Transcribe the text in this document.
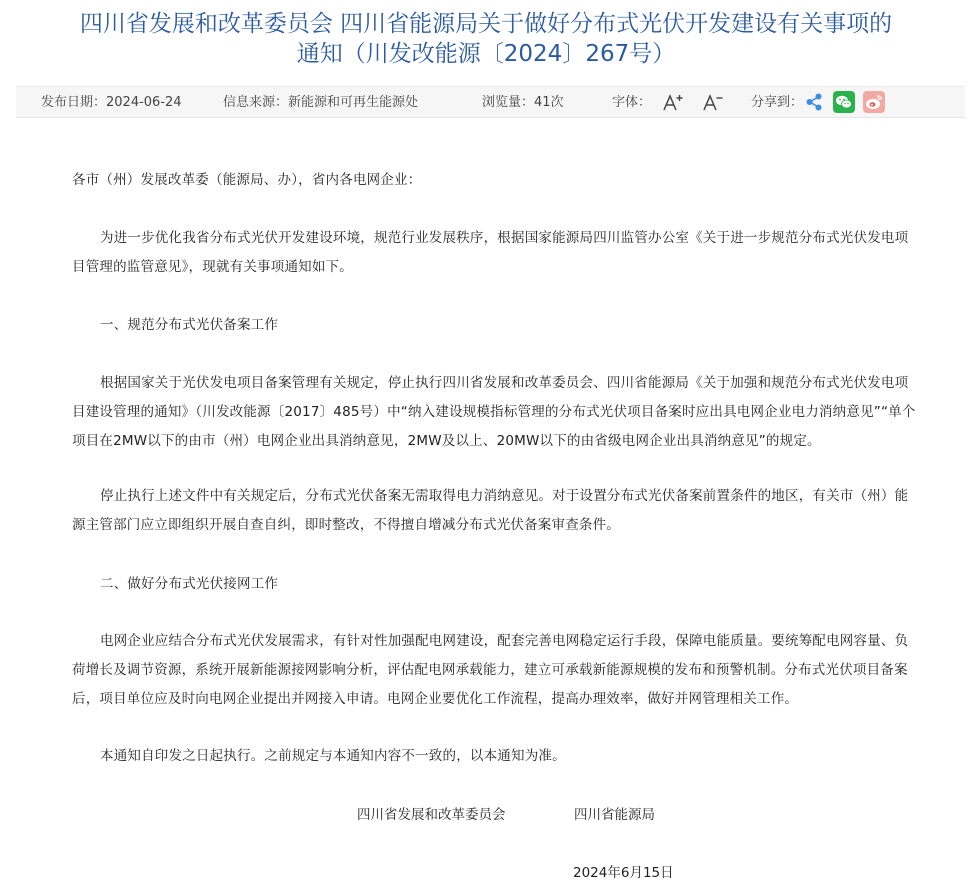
四川省发展和改革委员会 四川省能源局关于做好分布式光伏开发建设有关事项的
通知（川发改能源〔2024〕267号）
发布日期：2024-06-24	信息来源：新能源和可再生能源处	浏览量：41次	字体：	分享到：

各市（州）发展改革委（能源局、办），省内各电网企业：

为进一步优化我省分布式光伏开发建设环境，规范行业发展秩序，根据国家能源局四川监管办公室《关于进一步规范分布式光伏发电项目管理的监管意见》，现就有关事项通知如下。

一、规范分布式光伏备案工作

根据国家关于光伏发电项目备案管理有关规定，停止执行四川省发展和改革委员会、四川省能源局《关于加强和规范分布式光伏发电项目建设管理的通知》（川发改能源〔2017〕485号）中“纳入建设规模指标管理的分布式光伏项目备案时应出具电网企业电力消纳意见”“单个项目在2MW以下的由市（州）电网企业出具消纳意见，2MW及以上、20MW以下的由省级电网企业出具消纳意见”的规定。

停止执行上述文件中有关规定后，分布式光伏备案无需取得电力消纳意见。对于设置分布式光伏备案前置条件的地区，有关市（州）能源主管部门应立即组织开展自查自纠，即时整改，不得擅自增减分布式光伏备案审查条件。

二、做好分布式光伏接网工作

电网企业应结合分布式光伏发展需求，有针对性加强配电网建设，配套完善电网稳定运行手段，保障电能质量。要统筹配电网容量、负荷增长及调节资源，系统开展新能源接网影响分析，评估配电网承载能力，建立可承载新能源规模的发布和预警机制。分布式光伏项目备案后，项目单位应及时向电网企业提出并网接入申请。电网企业要优化工作流程，提高办理效率，做好并网管理相关工作。

本通知自印发之日起执行。之前规定与本通知内容不一致的，以本通知为准。

四川省发展和改革委员会	四川省能源局
2024年6月15日
